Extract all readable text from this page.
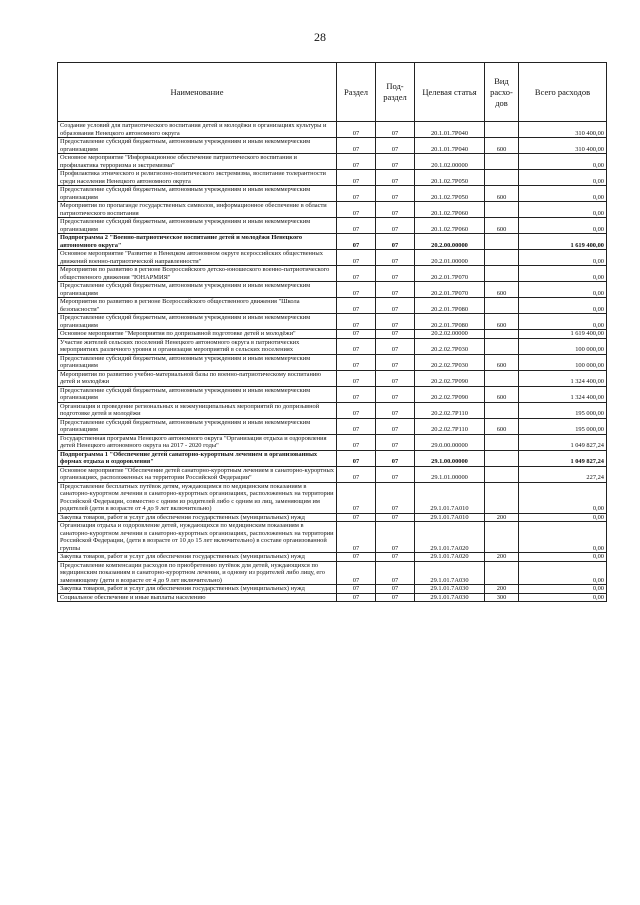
28
Наименование	Раздел	Под-раздел	Целевая статья	Вид расхо-дов	Всего расходов
Создание условий для патриотического воспитания детей и молодёжи в организациях культуры и образования Ненецкого автономного округа	07	07	20.1.01.7Р040		310 400,00
Предоставление субсидий бюджетным, автономным учреждениям и иным некоммерческим организациям	07	07	20.1.01.7Р040	600	310 400,00
Основное мероприятие "Информационное обеспечение патриотического воспитания и профилактика терроризма и экстремизма"	07	07	20.1.02.00000		0,00
Профилактика этнического и религиозно-политического экстремизма, воспитание толерантности среди населения Ненецкого автономного округа	07	07	20.1.02.7Р050		0,00
Предоставление субсидий бюджетным, автономным учреждениям и иным некоммерческим организациям	07	07	20.1.02.7Р050	600	0,00
Мероприятия по пропаганде государственных символов, информационное обеспечение в области патриотического воспитания	07	07	20.1.02.7Р060		0,00
Предоставление субсидий бюджетным, автономным учреждениям и иным некоммерческим организациям	07	07	20.1.02.7Р060	600	0,00
Подпрограмма 2 "Военно-патриотическое воспитание детей и молодёжи Ненецкого автономного округа"	07	07	20.2.00.00000		1 619 400,00
Основное мероприятие "Развитие в Ненецком автономном округе всероссийских общественных движений военно-патриотической направленности"	07	07	20.2.01.00000		0,00
Мероприятия по развитию в регионе Всероссийского детско-юношеского военно-патриотического общественного движения "ЮНАРМИЯ"	07	07	20.2.01.7Р070		0,00
Предоставление субсидий бюджетным, автономным учреждениям и иным некоммерческим организациям	07	07	20.2.01.7Р070	600	0,00
Мероприятия по развитию в регионе Всероссийского общественного движения "Школа безопасности"	07	07	20.2.01.7Р080		0,00
Предоставление субсидий бюджетным, автономным учреждениям и иным некоммерческим организациям	07	07	20.2.01.7Р080	600	0,00
Основное мероприятие "Мероприятия по допризывной подготовке детей и молодёжи"	07	07	20.2.02.00000		1 619 400,00
Участие жителей сельских поселений Ненецкого автономного округа в патриотических мероприятиях различного уровня и организация мероприятий в сельских поселениях	07	07	20.2.02.7Р030		100 000,00
Предоставление субсидий бюджетным, автономным учреждениям и иным некоммерческим организациям	07	07	20.2.02.7Р030	600	100 000,00
Мероприятия по развитию учебно-материальной базы по военно-патриотическому воспитанию детей и молодёжи	07	07	20.2.02.7Р090		1 324 400,00
Предоставление субсидий бюджетным, автономным учреждениям и иным некоммерческим организациям	07	07	20.2.02.7Р090	600	1 324 400,00
Организация и проведение региональных и межмуниципальных мероприятий по допризывной подготовке детей и молодёжи	07	07	20.2.02.7Р110		195 000,00
Предоставление субсидий бюджетным, автономным учреждениям и иным некоммерческим организациям	07	07	20.2.02.7Р110	600	195 000,00
Государственная программа Ненецкого автономного округа "Организация отдыха и оздоровления детей Ненецкого автономного округа на 2017 - 2020 годы"	07	07	29.0.00.00000		1 049 827,24
Подпрограмма 1 "Обеспечение детей санаторно-курортным лечением в организованных формах отдыха и оздоровления"	07	07	29.1.00.00000		1 049 827,24
Основное мероприятие "Обеспечение детей санаторно-курортным лечением в санаторно-курортных организациях, расположенных на территории Российской Федерации"	07	07	29.1.01.00000		227,24
Предоставление бесплатных путёвок детям, нуждающимся по медицинским показаниям в санаторно-курортном лечении в санаторно-курортных организациях, расположенных на территории Российской Федерации, совместно с одним из родителей либо с одним из лиц, заменяющим им родителей (дети в возрасте от 4 до 9 лет включительно)	07	07	29.1.01.7А010		0,00
Закупка товаров, работ и услуг для обеспечения государственных (муниципальных) нужд	07	07	29.1.01.7А010	200	0,00
Организация отдыха и оздоровление детей, нуждающихся по медицинским показаниям в санаторно-курортном лечении в санаторно-курортных организациях, расположенных на территории Российской Федерации, (дети в возрасте от 10 до 15 лет включительно) в составе организованной группы	07	07	29.1.01.7А020		0,00
Закупка товаров, работ и услуг для обеспечения государственных (муниципальных) нужд	07	07	29.1.01.7А020	200	0,00
Предоставление компенсации расходов по приобретению путёвок для детей, нуждающихся по медицинским показаниям в санаторно-курортном лечении, и одному из родителей либо лицу, его заменяющему (дети в возрасте от 4 до 9 лет включительно)	07	07	29.1.01.7А030		0,00
Закупка товаров, работ и услуг для обеспечения государственных (муниципальных) нужд	07	07	29.1.01.7А030	200	0,00
Социальное обеспечение и иные выплаты населению	07	07	29.1.01.7А030	300	0,00
